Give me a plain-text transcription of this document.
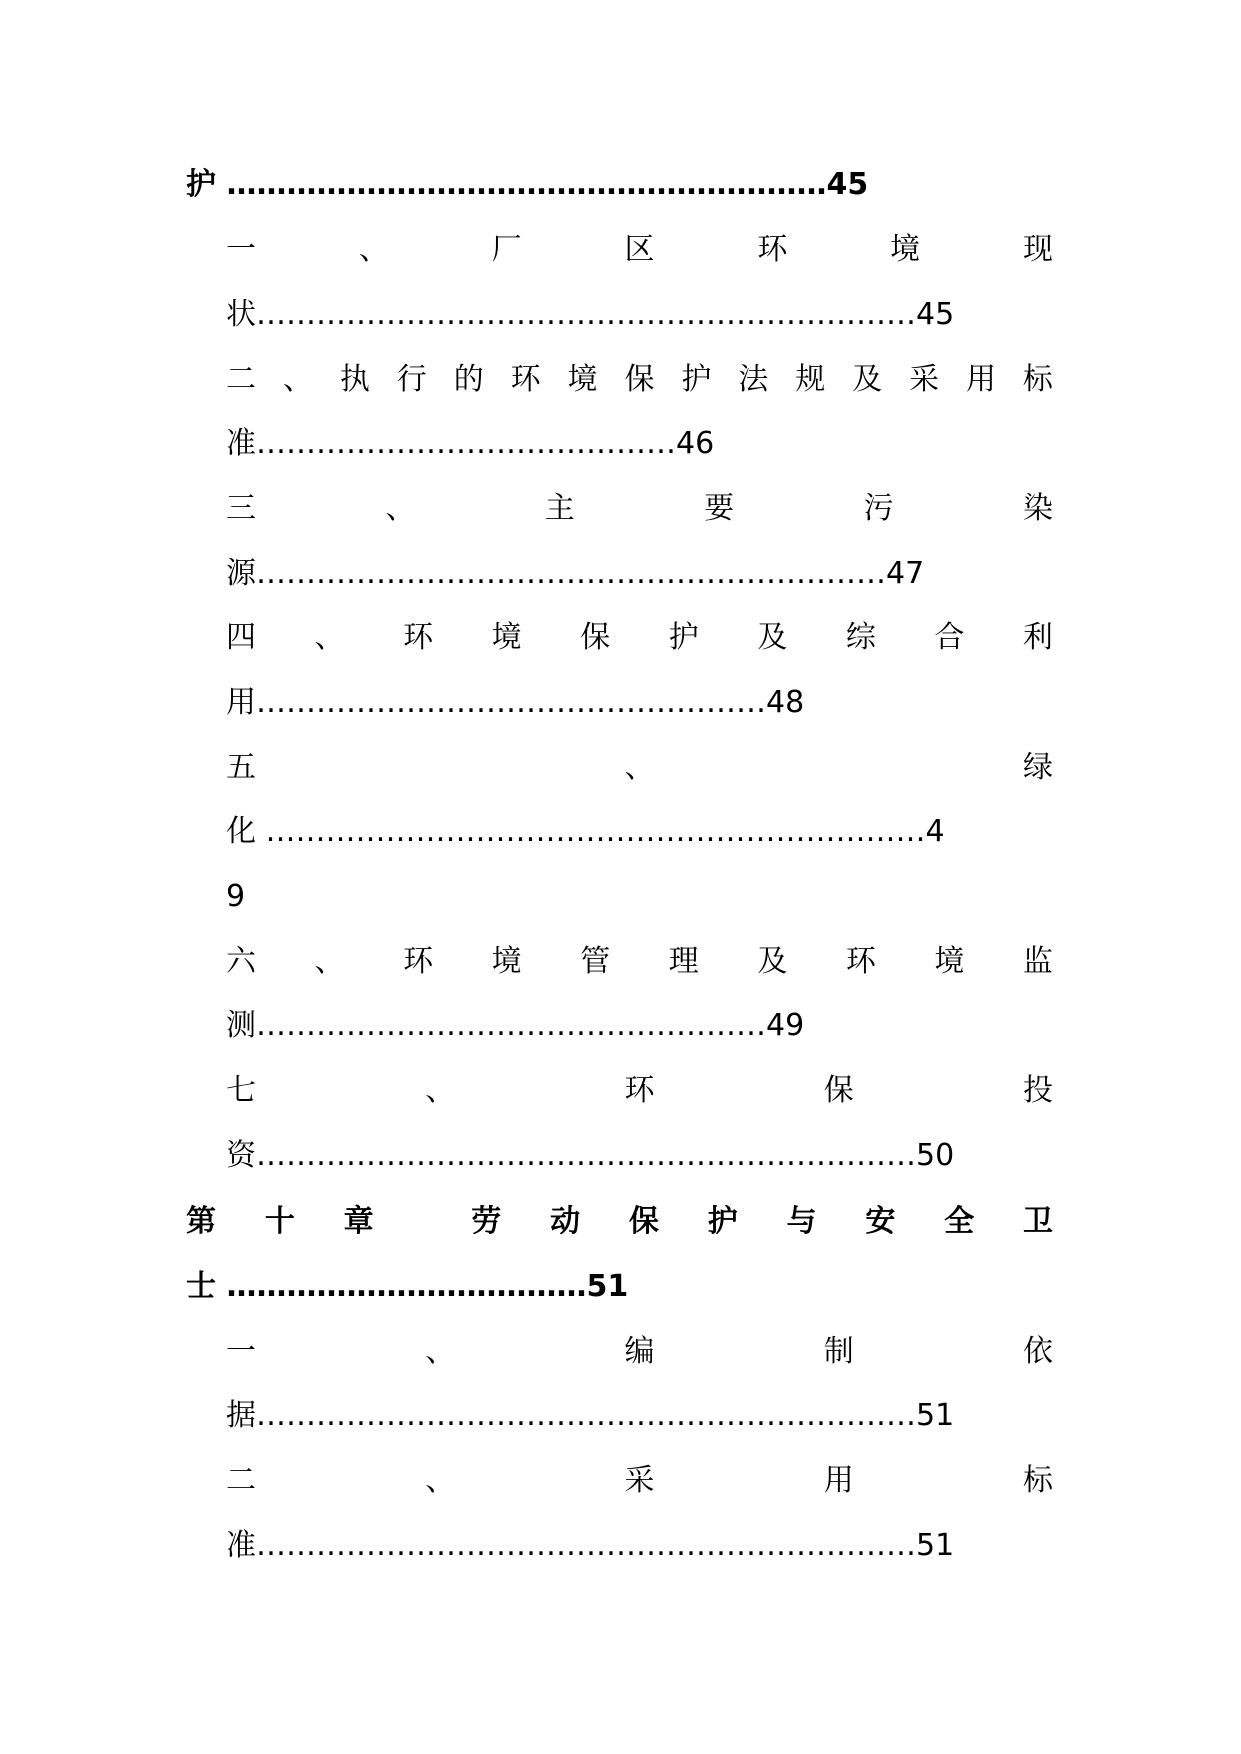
护 ……………………………………………………45
一	、	厂	区	环	境	现
状…………………………………………………………45
二 、 执 行 的 环 境 保 护 法 规 及 采 用 标
准……………………………………46
三	、	主	要	污	染
源………………………………………………………47
四 、 环 境 保 护 及 综 合 利
用……………………………………………48
五	、	绿
化 …………………………………………………………4
9
六 、 环 境 管 理 及 环 境 监
测……………………………………………49
七	、	环	保	投
资…………………………………………………………50
第 十 章	劳 动 保 护 与 安 全 卫
士 ………………………………51
一	、	编	制	依
据…………………………………………………………51
二	、	采	用	标
准…………………………………………………………51
